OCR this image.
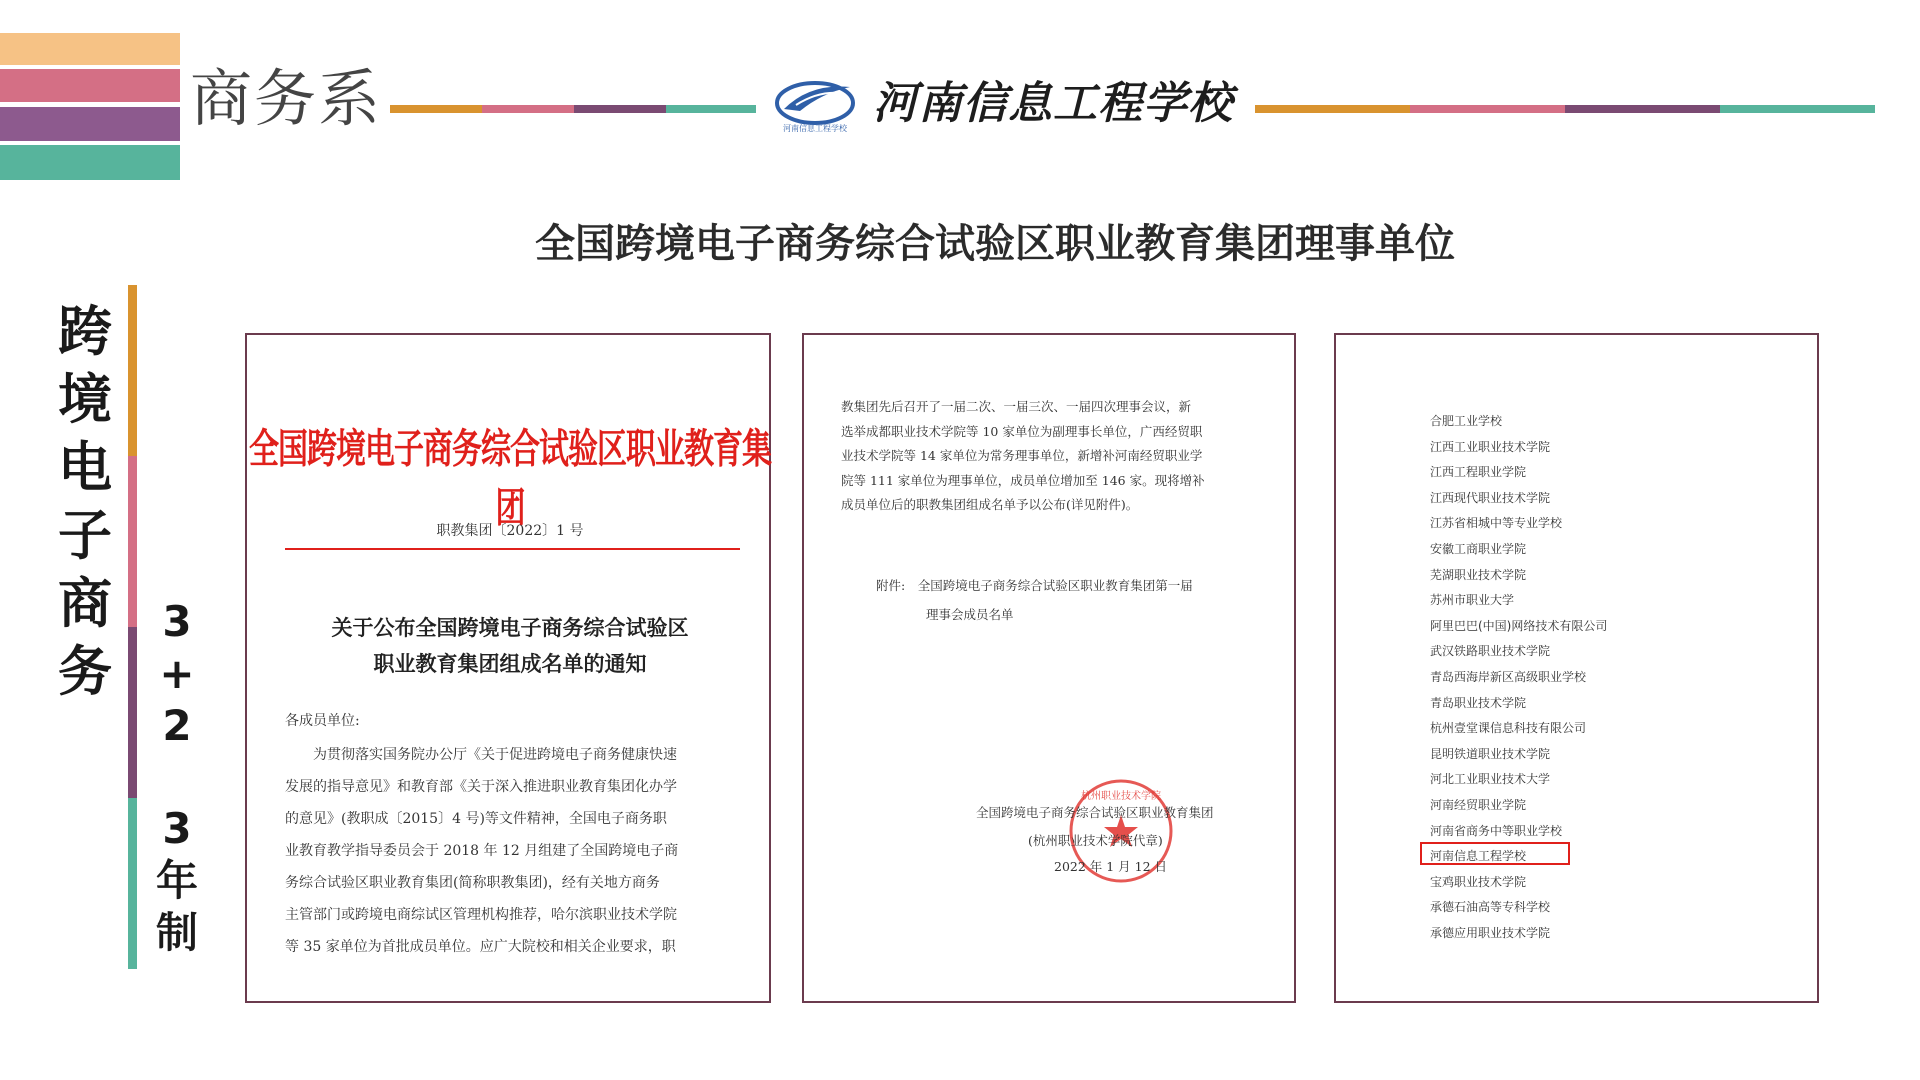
商务系	河南信息工程学校 河南信息工程学校
全国跨境电子商务综合试验区职业教育集团理事单位
跨
境
电
子
商
务
3
+
2
3
年
制
全国跨境电子商务综合试验区职业教育集团
职教集团〔2022〕1 号
关于公布全国跨境电子商务综合试验区
职业教育集团组成名单的通知
各成员单位:
　　为贯彻落实国务院办公厅《关于促进跨境电子商务健康快速
发展的指导意见》和教育部《关于深入推进职业教育集团化办学
的意见》(教职成〔2015〕4 号)等文件精神，全国电子商务职
业教育教学指导委员会于 2018 年 12 月组建了全国跨境电子商
务综合试验区职业教育集团(简称职教集团)，经有关地方商务
主管部门或跨境电商综试区管理机构推荐，哈尔滨职业技术学院
等 35 家单位为首批成员单位。应广大院校和相关企业要求，职
教集团先后召开了一届二次、一届三次、一届四次理事会议，新
选举成都职业技术学院等 10 家单位为副理事长单位，广西经贸职
业技术学院等 14 家单位为常务理事单位，新增补河南经贸职业学
院等 111 家单位为理事单位，成员单位增加至 146 家。现将增补
成员单位后的职教集团组成名单予以公布(详见附件)。
附件:　全国跨境电子商务综合试验区职业教育集团第一届
理事会成员名单
杭州职业技术学院
全国跨境电子商务综合试验区职业教育集团
(杭州职业技术学院代章)
2022 年 1 月 12 日
合肥工业学校
江西工业职业技术学院
江西工程职业学院
江西现代职业技术学院
江苏省相城中等专业学校
安徽工商职业学院
芜湖职业技术学院
苏州市职业大学
阿里巴巴(中国)网络技术有限公司
武汉铁路职业技术学院
青岛西海岸新区高级职业学校
青岛职业技术学院
杭州壹堂课信息科技有限公司
昆明铁道职业技术学院
河北工业职业技术大学
河南经贸职业学院
河南省商务中等职业学校
河南信息工程学校
宝鸡职业技术学院
承德石油高等专科学校
承德应用职业技术学院
